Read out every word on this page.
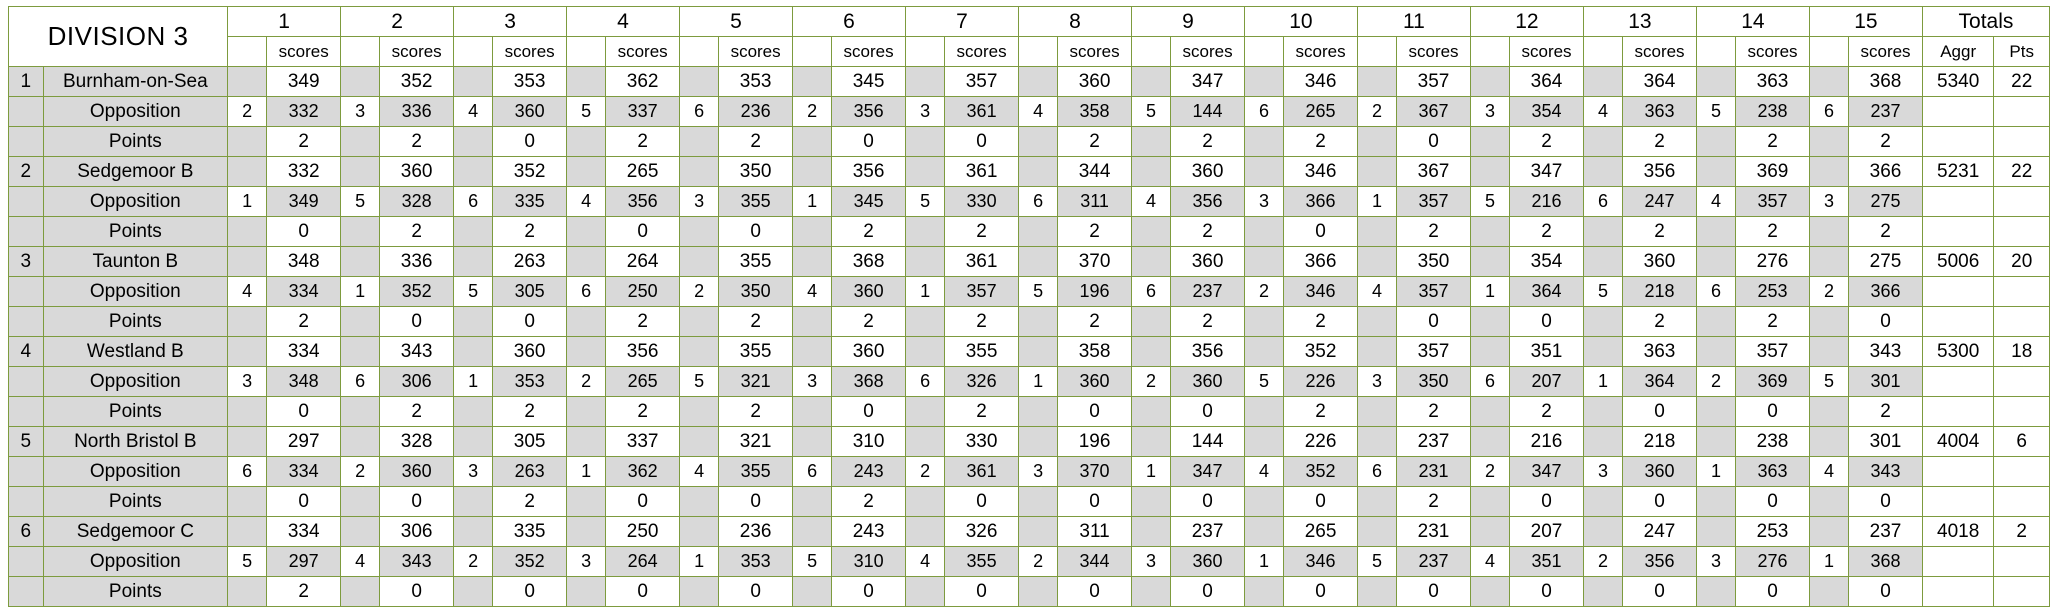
DIVISION 3		1		2		3		4		5		6		7		8		9		10		11		12		13		14		15		Totals	
			scores		scores		scores		scores		scores		scores		scores		scores		scores		scores		scores		scores		scores		scores		scores	Aggr	Pts
1	Burnham-on-Sea		349		352		353		362		353		345		357		360		347		346		357		364		364		363		368	5340	22
	Opposition	2	332	3	336	4	360	5	337	6	236	2	356	3	361	4	358	5	144	6	265	2	367	3	354	4	363	5	238	6	237		
	Points		2		2		0		2		2		0		0		2		2		2		0		2		2		2		2		
2	Sedgemoor B		332		360		352		265		350		356		361		344		360		346		367		347		356		369		366	5231	22
	Opposition	1	349	5	328	6	335	4	356	3	355	1	345	5	330	6	311	4	356	3	366	1	357	5	216	6	247	4	357	3	275		
	Points		0		2		2		0		0		2		2		2		2		0		2		2		2		2		2		
3	Taunton B		348		336		263		264		355		368		361		370		360		366		350		354		360		276		275	5006	20
	Opposition	4	334	1	352	5	305	6	250	2	350	4	360	1	357	5	196	6	237	2	346	4	357	1	364	5	218	6	253	2	366		
	Points		2		0		0		2		2		2		2		2		2		2		0		0		2		2		0		
4	Westland B		334		343		360		356		355		360		355		358		356		352		357		351		363		357		343	5300	18
	Opposition	3	348	6	306	1	353	2	265	5	321	3	368	6	326	1	360	2	360	5	226	3	350	6	207	1	364	2	369	5	301		
	Points		0		2		2		2		2		0		2		0		0		2		2		2		0		0		2		
5	North Bristol B		297		328		305		337		321		310		330		196		144		226		237		216		218		238		301	4004	6
	Opposition	6	334	2	360	3	263	1	362	4	355	6	243	2	361	3	370	1	347	4	352	6	231	2	347	3	360	1	363	4	343		
	Points		0		0		2		0		0		2		0		0		0		0		2		0		0		0		0		
6	Sedgemoor C		334		306		335		250		236		243		326		311		237		265		231		207		247		253		237	4018	2
	Opposition	5	297	4	343	2	352	3	264	1	353	5	310	4	355	2	344	3	360	1	346	5	237	4	351	2	356	3	276	1	368		
	Points		2		0		0		0		0		0		0		0		0		0		0		0		0		0		0		
